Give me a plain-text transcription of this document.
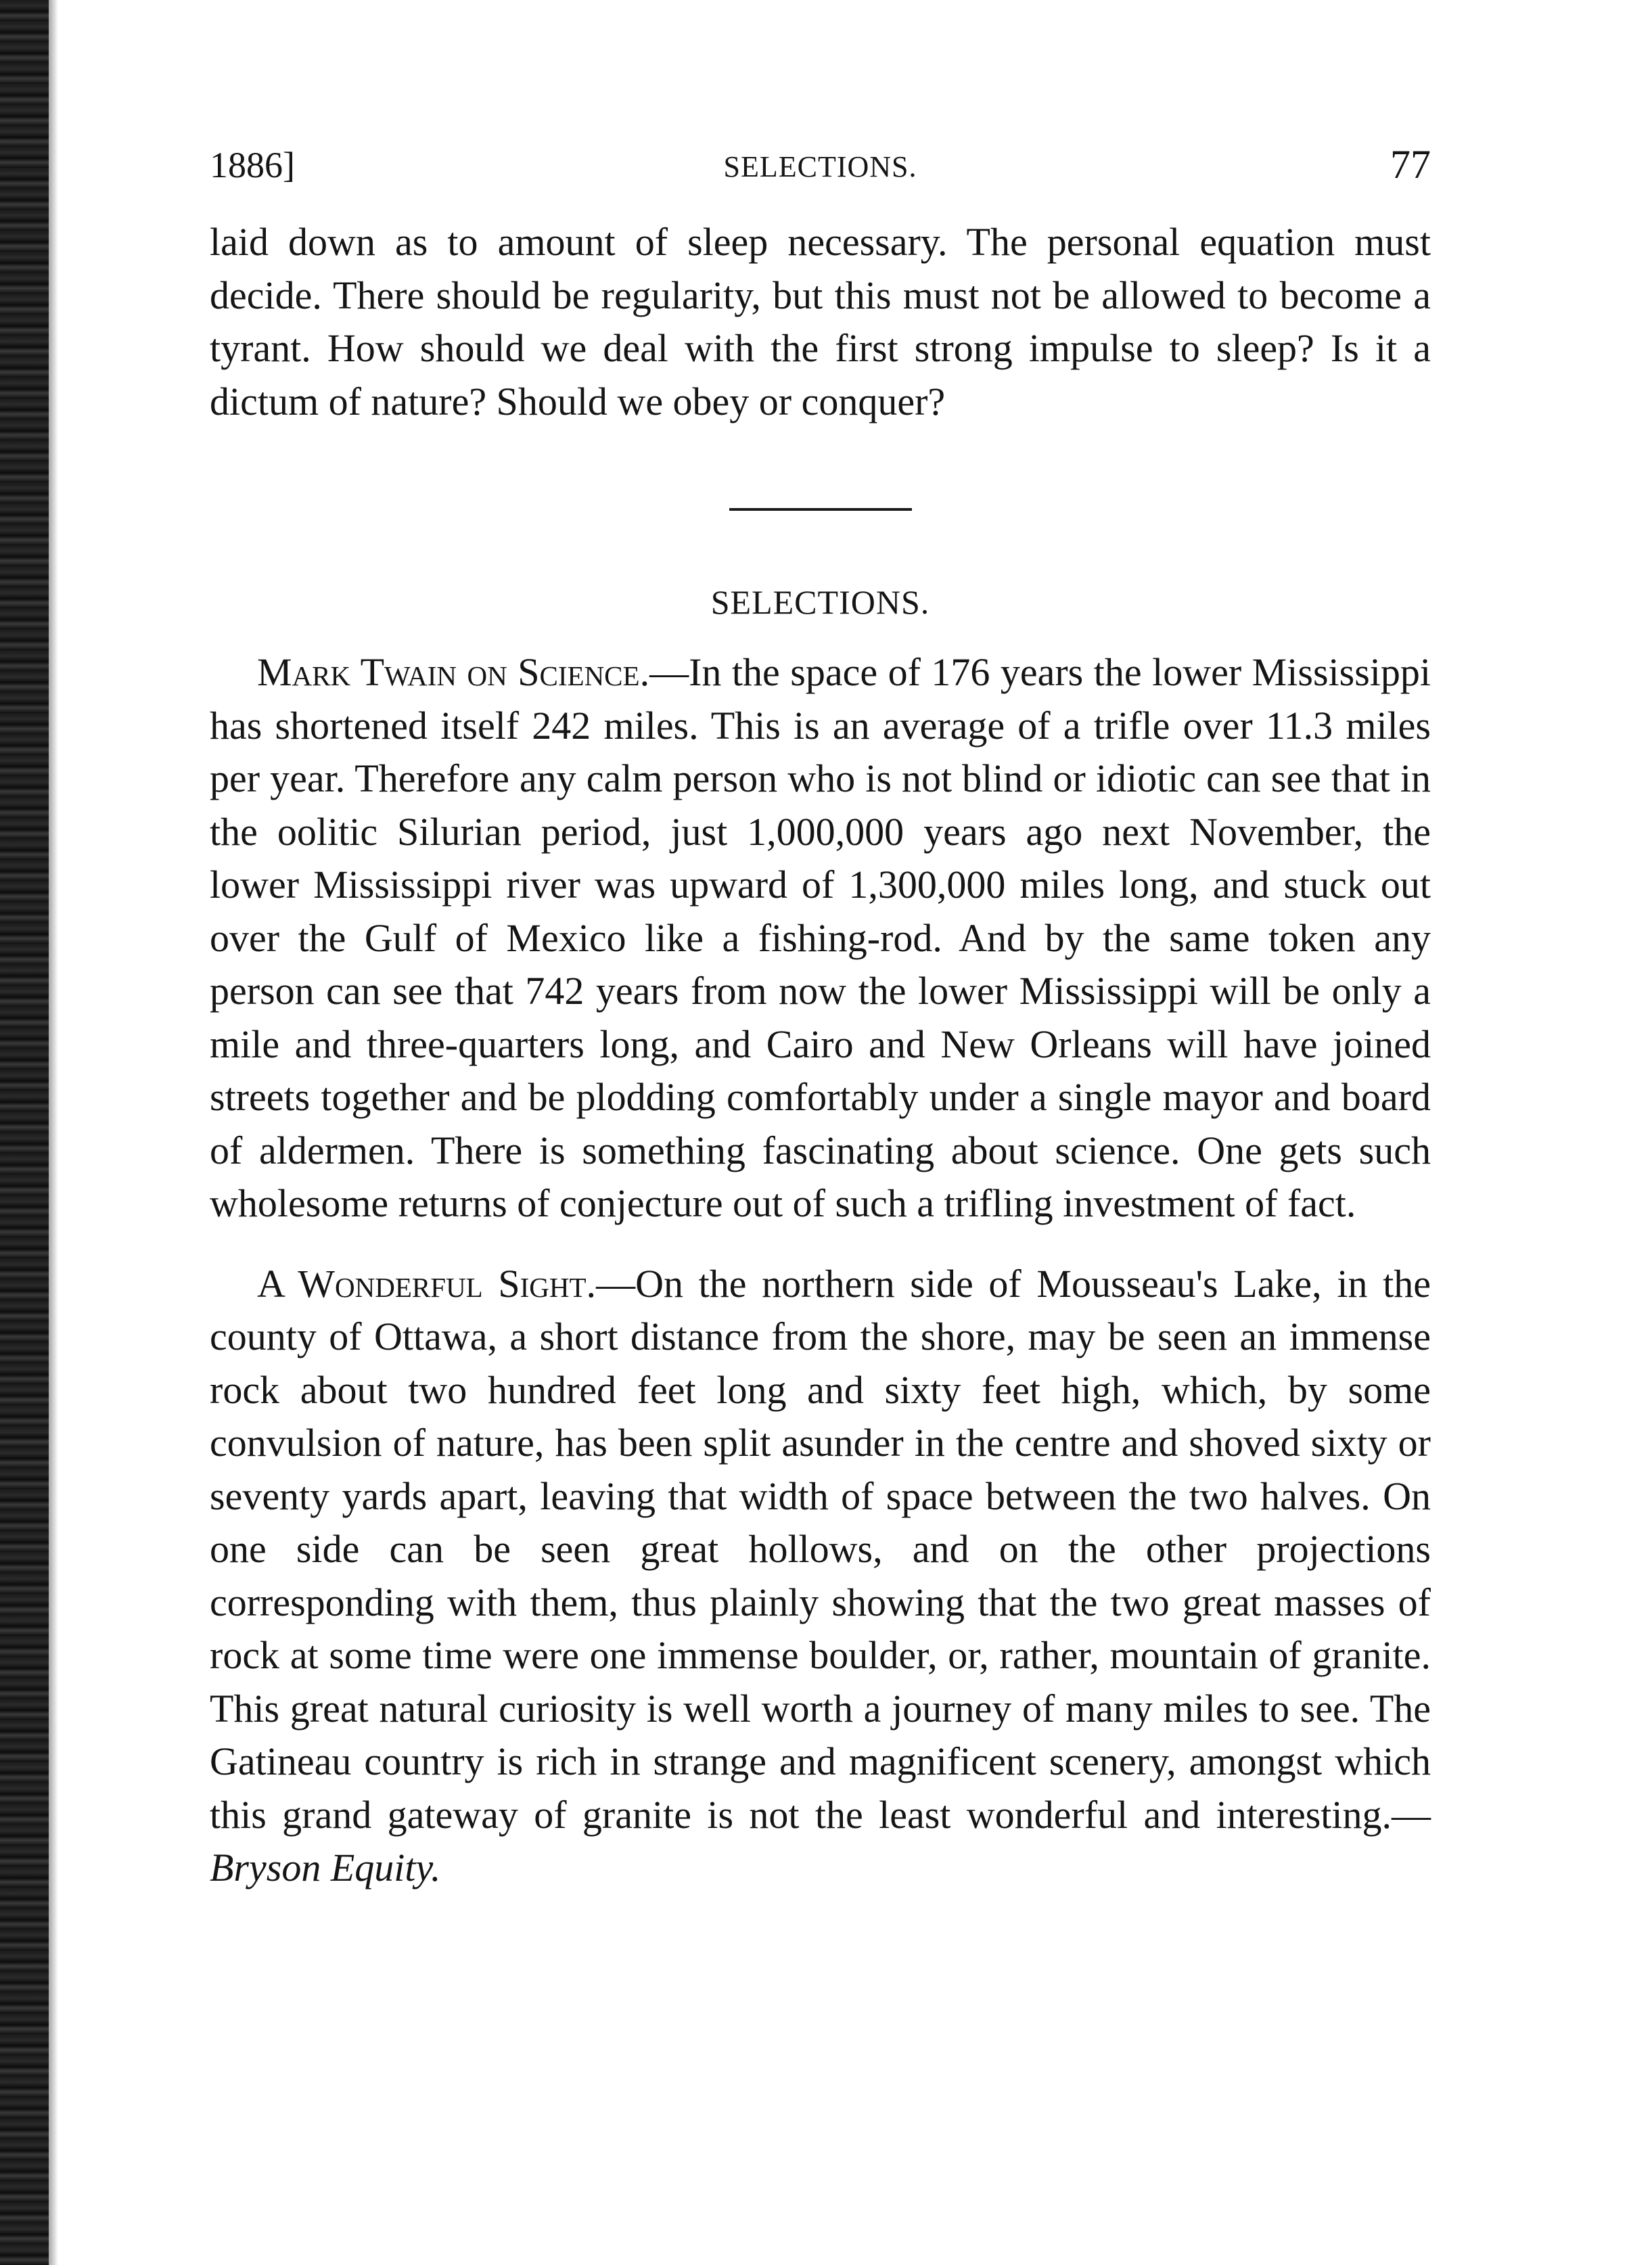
1886]	SELECTIONS.	77

laid down as to amount of sleep necessary. The personal equation must decide. There should be regularity, but this must not be allowed to become a tyrant. How should we deal with the first strong impulse to sleep? Is it a dictum of nature? Should we obey or conquer?

SELECTIONS.

Mark Twain on Science.—In the space of 176 years the lower Mississippi has shortened itself 242 miles. This is an average of a trifle over 11.3 miles per year. Therefore any calm person who is not blind or idiotic can see that in the oolitic Silurian period, just 1,000,000 years ago next November, the lower Mississippi river was upward of 1,300,000 miles long, and stuck out over the Gulf of Mexico like a fishing-rod. And by the same token any person can see that 742 years from now the lower Mississippi will be only a mile and three-quarters long, and Cairo and New Orleans will have joined streets together and be plodding comfortably under a single mayor and board of aldermen. There is something fascinating about science. One gets such wholesome returns of conjecture out of such a trifling investment of fact.

A Wonderful Sight.—On the northern side of Mousseau's Lake, in the county of Ottawa, a short distance from the shore, may be seen an immense rock about two hundred feet long and sixty feet high, which, by some convulsion of nature, has been split asunder in the centre and shoved sixty or seventy yards apart, leaving that width of space between the two halves. On one side can be seen great hollows, and on the other projections corresponding with them, thus plainly showing that the two great masses of rock at some time were one immense boulder, or, rather, mountain of granite. This great natural curiosity is well worth a journey of many miles to see. The Gatineau country is rich in strange and magnificent scenery, amongst which this grand gateway of granite is not the least wonderful and interesting.—Bryson Equity.
